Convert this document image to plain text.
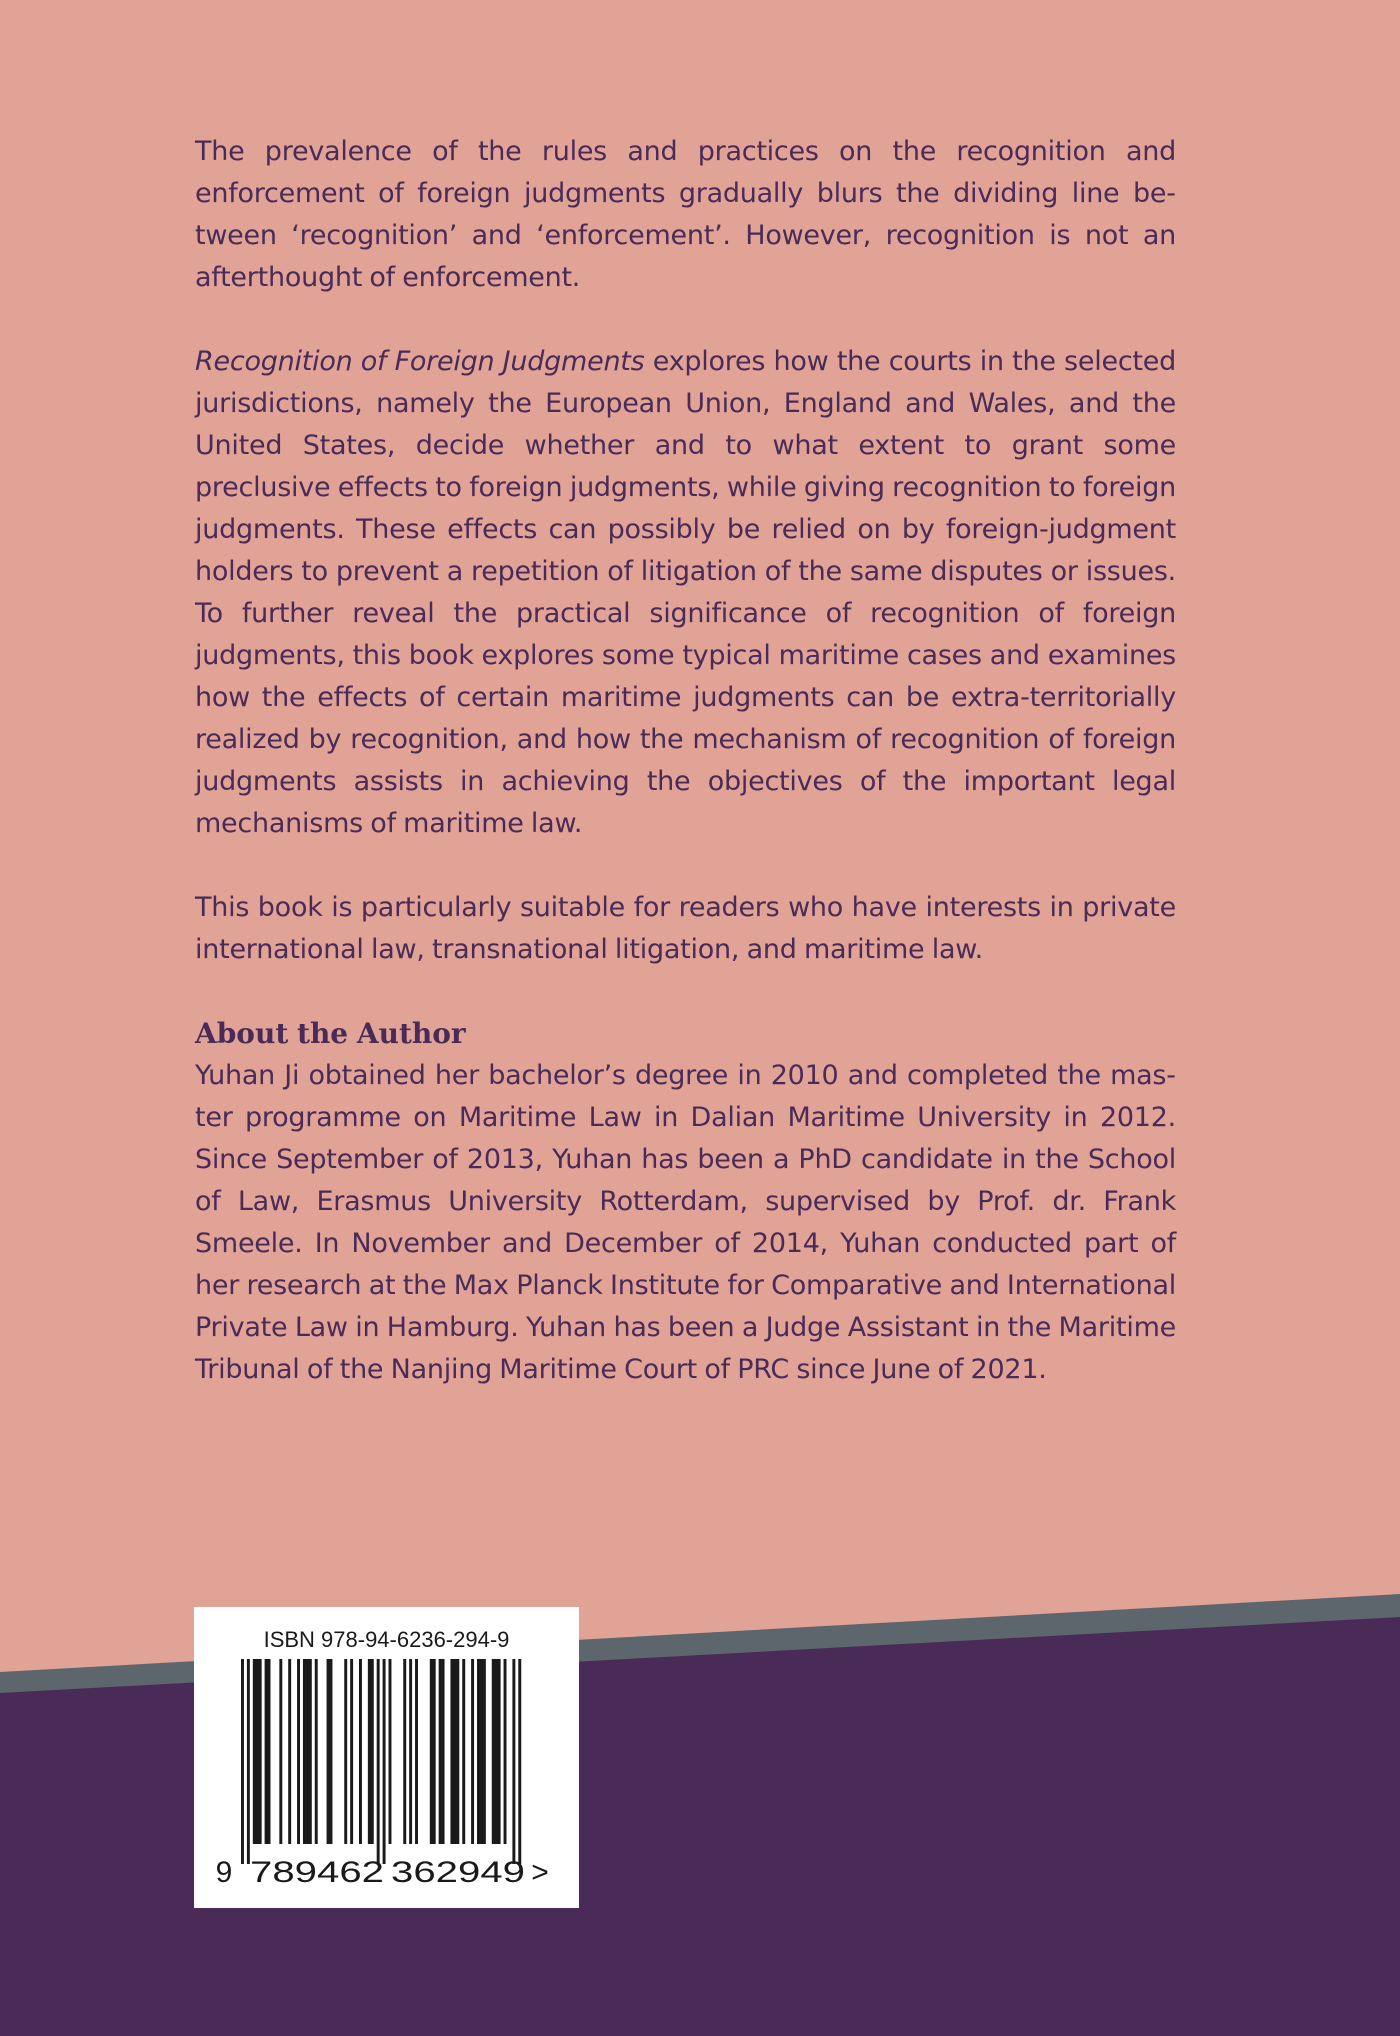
The prevalence of the rules and practices on the recognition and enforcement of foreign judgments gradually blurs the dividing line between ‘recognition’ and ‘enforcement’. However, recognition is not an afterthought of enforcement.

Recognition of Foreign Judgments explores how the courts in the selected jurisdictions, namely the European Union, England and Wales, and the United States, decide whether and to what extent to grant some preclusive effects to foreign judgments, while giving recognition to foreign judgments. These effects can possibly be relied on by foreign-judgment holders to prevent a repetition of litigation of the same disputes or issues. To further reveal the practical significance of recognition of foreign judgments, this book explores some typical maritime cases and examines how the effects of certain maritime judgments can be extra-territorially realized by recognition, and how the mechanism of recognition of foreign judgments assists in achieving the objectives of the important legal mechanisms of maritime law.

This book is particularly suitable for readers who have interests in private international law, transnational litigation, and maritime law.

About the Author

Yuhan Ji obtained her bachelor’s degree in 2010 and completed the master programme on Maritime Law in Dalian Maritime University in 2012. Since September of 2013, Yuhan has been a PhD candidate in the School of Law, Erasmus University Rotterdam, supervised by Prof. dr. Frank Smeele. In November and December of 2014, Yuhan conducted part of her research at the Max Planck Institute for Comparative and International Private Law in Hamburg. Yuhan has been a Judge Assistant in the Maritime Tribunal of the Nanjing Maritime Court of PRC since June of 2021.

ISBN 978-94-6236-294-9
9 789462 362949 >
